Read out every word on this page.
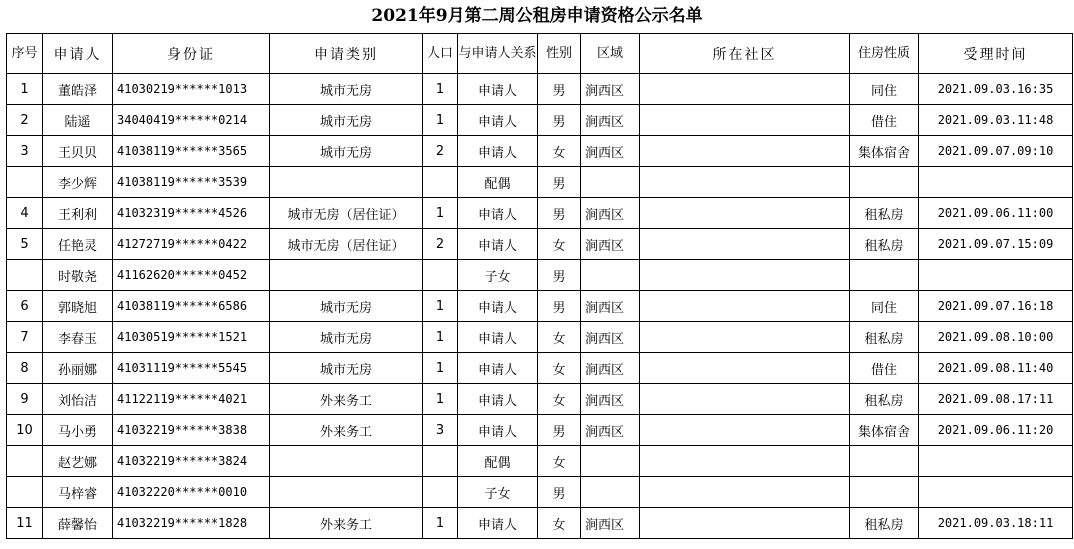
2021年9月第二周公租房申请资格公示名单
序号	申请人	身份证	申请类别	人口	与申请人关系	性别	区域	所在社区	住房性质	受理时间
1	董皓泽	41030219******1013	城市无房	1	申请人	男	涧西区		同住	2021.09.03.16:35
2	陆遥	34040419******0214	城市无房	1	申请人	男	涧西区		借住	2021.09.03.11:48
3	王贝贝	41038119******3565	城市无房	2	申请人	女	涧西区		集体宿舍	2021.09.07.09:10
	李少辉	41038119******3539			配偶	男				
4	王利利	41032319******4526	城市无房（居住证）	1	申请人	男	涧西区		租私房	2021.09.06.11:00
5	任艳灵	41272719******0422	城市无房（居住证）	2	申请人	女	涧西区		租私房	2021.09.07.15:09
	时敬尧	41162620******0452			子女	男				
6	郭晓旭	41038119******6586	城市无房	1	申请人	男	涧西区		同住	2021.09.07.16:18
7	李春玉	41030519******1521	城市无房	1	申请人	女	涧西区		租私房	2021.09.08.10:00
8	孙丽娜	41031119******5545	城市无房	1	申请人	女	涧西区		借住	2021.09.08.11:40
9	刘怡洁	41122119******4021	外来务工	1	申请人	女	涧西区		租私房	2021.09.08.17:11
10	马小勇	41032219******3838	外来务工	3	申请人	男	涧西区		集体宿舍	2021.09.06.11:20
	赵艺娜	41032219******3824			配偶	女				
	马梓睿	41032220******0010			子女	男				
11	薛馨怡	41032219******1828	外来务工	1	申请人	女	涧西区		租私房	2021.09.03.18:11
